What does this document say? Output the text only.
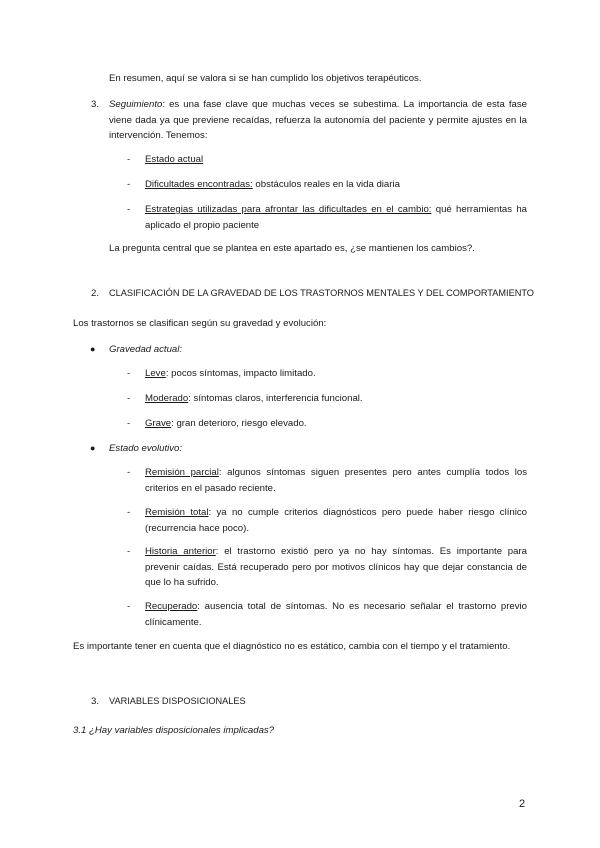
En resumen, aquí se valora si se han cumplido los objetivos terapéuticos.

3. Seguimiento: es una fase clave que muchas veces se subestima. La importancia de esta fase viene dada ya que previene recaídas, refuerza la autonomía del paciente y permite ajustes en la intervención. Tenemos:

- Estado actual

- Dificultades encontradas: obstáculos reales en la vida diaria

- Estrategias utilizadas para afrontar las dificultades en el cambio: qué herramientas ha aplicado el propio paciente

La pregunta central que se plantea en este apartado es, ¿se mantienen los cambios?.

2. CLASIFICACIÓN DE LA GRAVEDAD DE LOS TRASTORNOS MENTALES Y DEL COMPORTAMIENTO

Los trastornos se clasifican según su gravedad y evolución:

● Gravedad actual:

- Leve: pocos síntomas, impacto limitado.

- Moderado: síntomas claros, interferencia funcional.

- Grave: gran deterioro, riesgo elevado.

● Estado evolutivo:

- Remisión parcial: algunos síntomas siguen presentes pero antes cumplía todos los criterios en el pasado reciente.

- Remisión total: ya no cumple criterios diagnósticos pero puede haber riesgo clínico (recurrencia hace poco).

- Historia anterior: el trastorno existió pero ya no hay síntomas. Es importante para prevenir caídas. Está recuperado pero por motivos clínicos hay que dejar constancia de que lo ha sufrido.

- Recuperado: ausencia total de síntomas. No es necesario señalar el trastorno previo clínicamente.

Es importante tener en cuenta que el diagnóstico no es estático, cambia con el tiempo y el tratamiento.

3. VARIABLES DISPOSICIONALES

3.1 ¿Hay variables disposicionales implicadas?

2
